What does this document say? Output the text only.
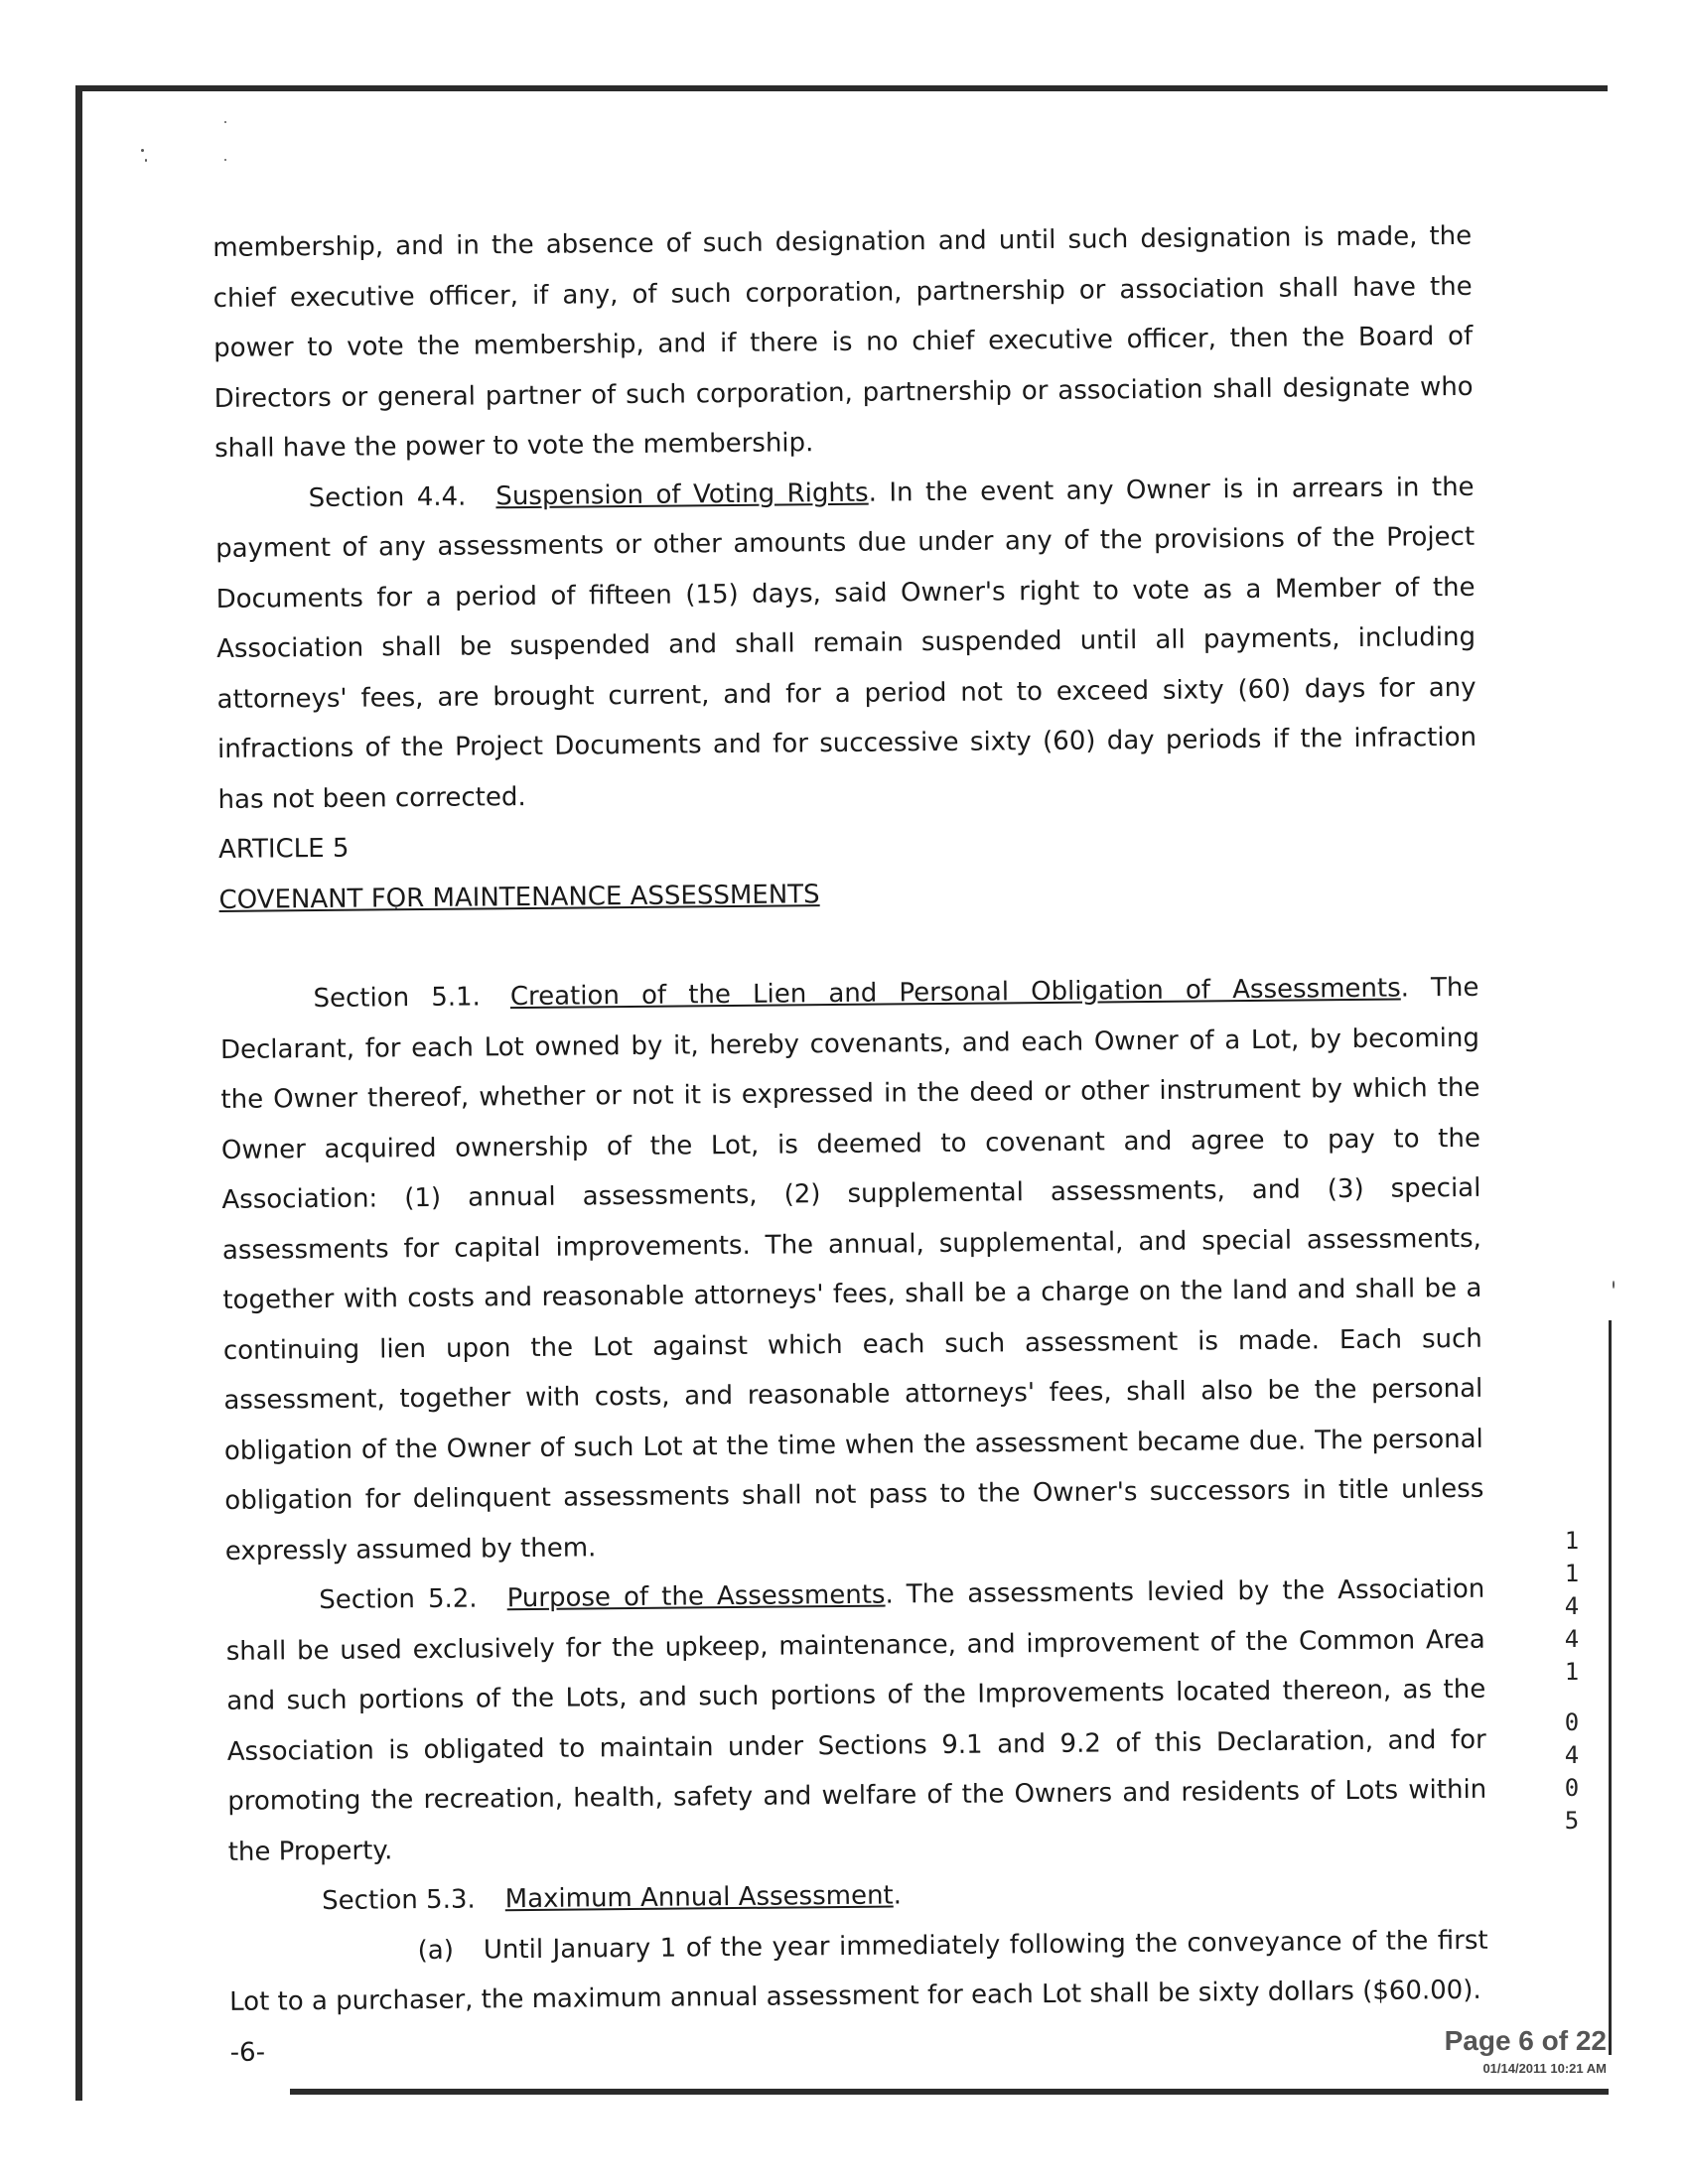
membership, and in the absence of such designation and until such designation is made, the chief executive officer, if any, of such corporation, partnership or association shall have the power to vote the membership, and if there is no chief executive officer, then the Board of Directors or general partner of such corporation, partnership or association shall designate who shall have the power to vote the membership.

Section 4.4. Suspension of Voting Rights. In the event any Owner is in arrears in the payment of any assessments or other amounts due under any of the provisions of the Project Documents for a period of fifteen (15) days, said Owner's right to vote as a Member of the Association shall be suspended and shall remain suspended until all payments, including attorneys' fees, are brought current, and for a period not to exceed sixty (60) days for any infractions of the Project Documents and for successive sixty (60) day periods if the infraction has not been corrected.

ARTICLE 5

COVENANT FOR MAINTENANCE ASSESSMENTS

Section 5.1. Creation of the Lien and Personal Obligation of Assessments. The Declarant, for each Lot owned by it, hereby covenants, and each Owner of a Lot, by becoming the Owner thereof, whether or not it is expressed in the deed or other instrument by which the Owner acquired ownership of the Lot, is deemed to covenant and agree to pay to the Association: (1) annual assessments, (2) supplemental assessments, and (3) special assessments for capital improvements. The annual, supplemental, and special assessments, together with costs and reasonable attorneys' fees, shall be a charge on the land and shall be a continuing lien upon the Lot against which each such assessment is made. Each such assessment, together with costs, and reasonable attorneys' fees, shall also be the personal obligation of the Owner of such Lot at the time when the assessment became due. The personal obligation for delinquent assessments shall not pass to the Owner's successors in title unless expressly assumed by them.

Section 5.2. Purpose of the Assessments. The assessments levied by the Association shall be used exclusively for the upkeep, maintenance, and improvement of the Common Area and such portions of the Lots, and such portions of the Improvements located thereon, as the Association is obligated to maintain under Sections 9.1 and 9.2 of this Declaration, and for promoting the recreation, health, safety and welfare of the Owners and residents of Lots within the Property.

Section 5.3. Maximum Annual Assessment.

(a) Until January 1 of the year immediately following the conveyance of the first Lot to a purchaser, the maximum annual assessment for each Lot shall be sixty dollars ($60.00).

-6-

1
1
4
4
1
0
4
0
5
Page 6 of 22
01/14/2011 10:21 AM
